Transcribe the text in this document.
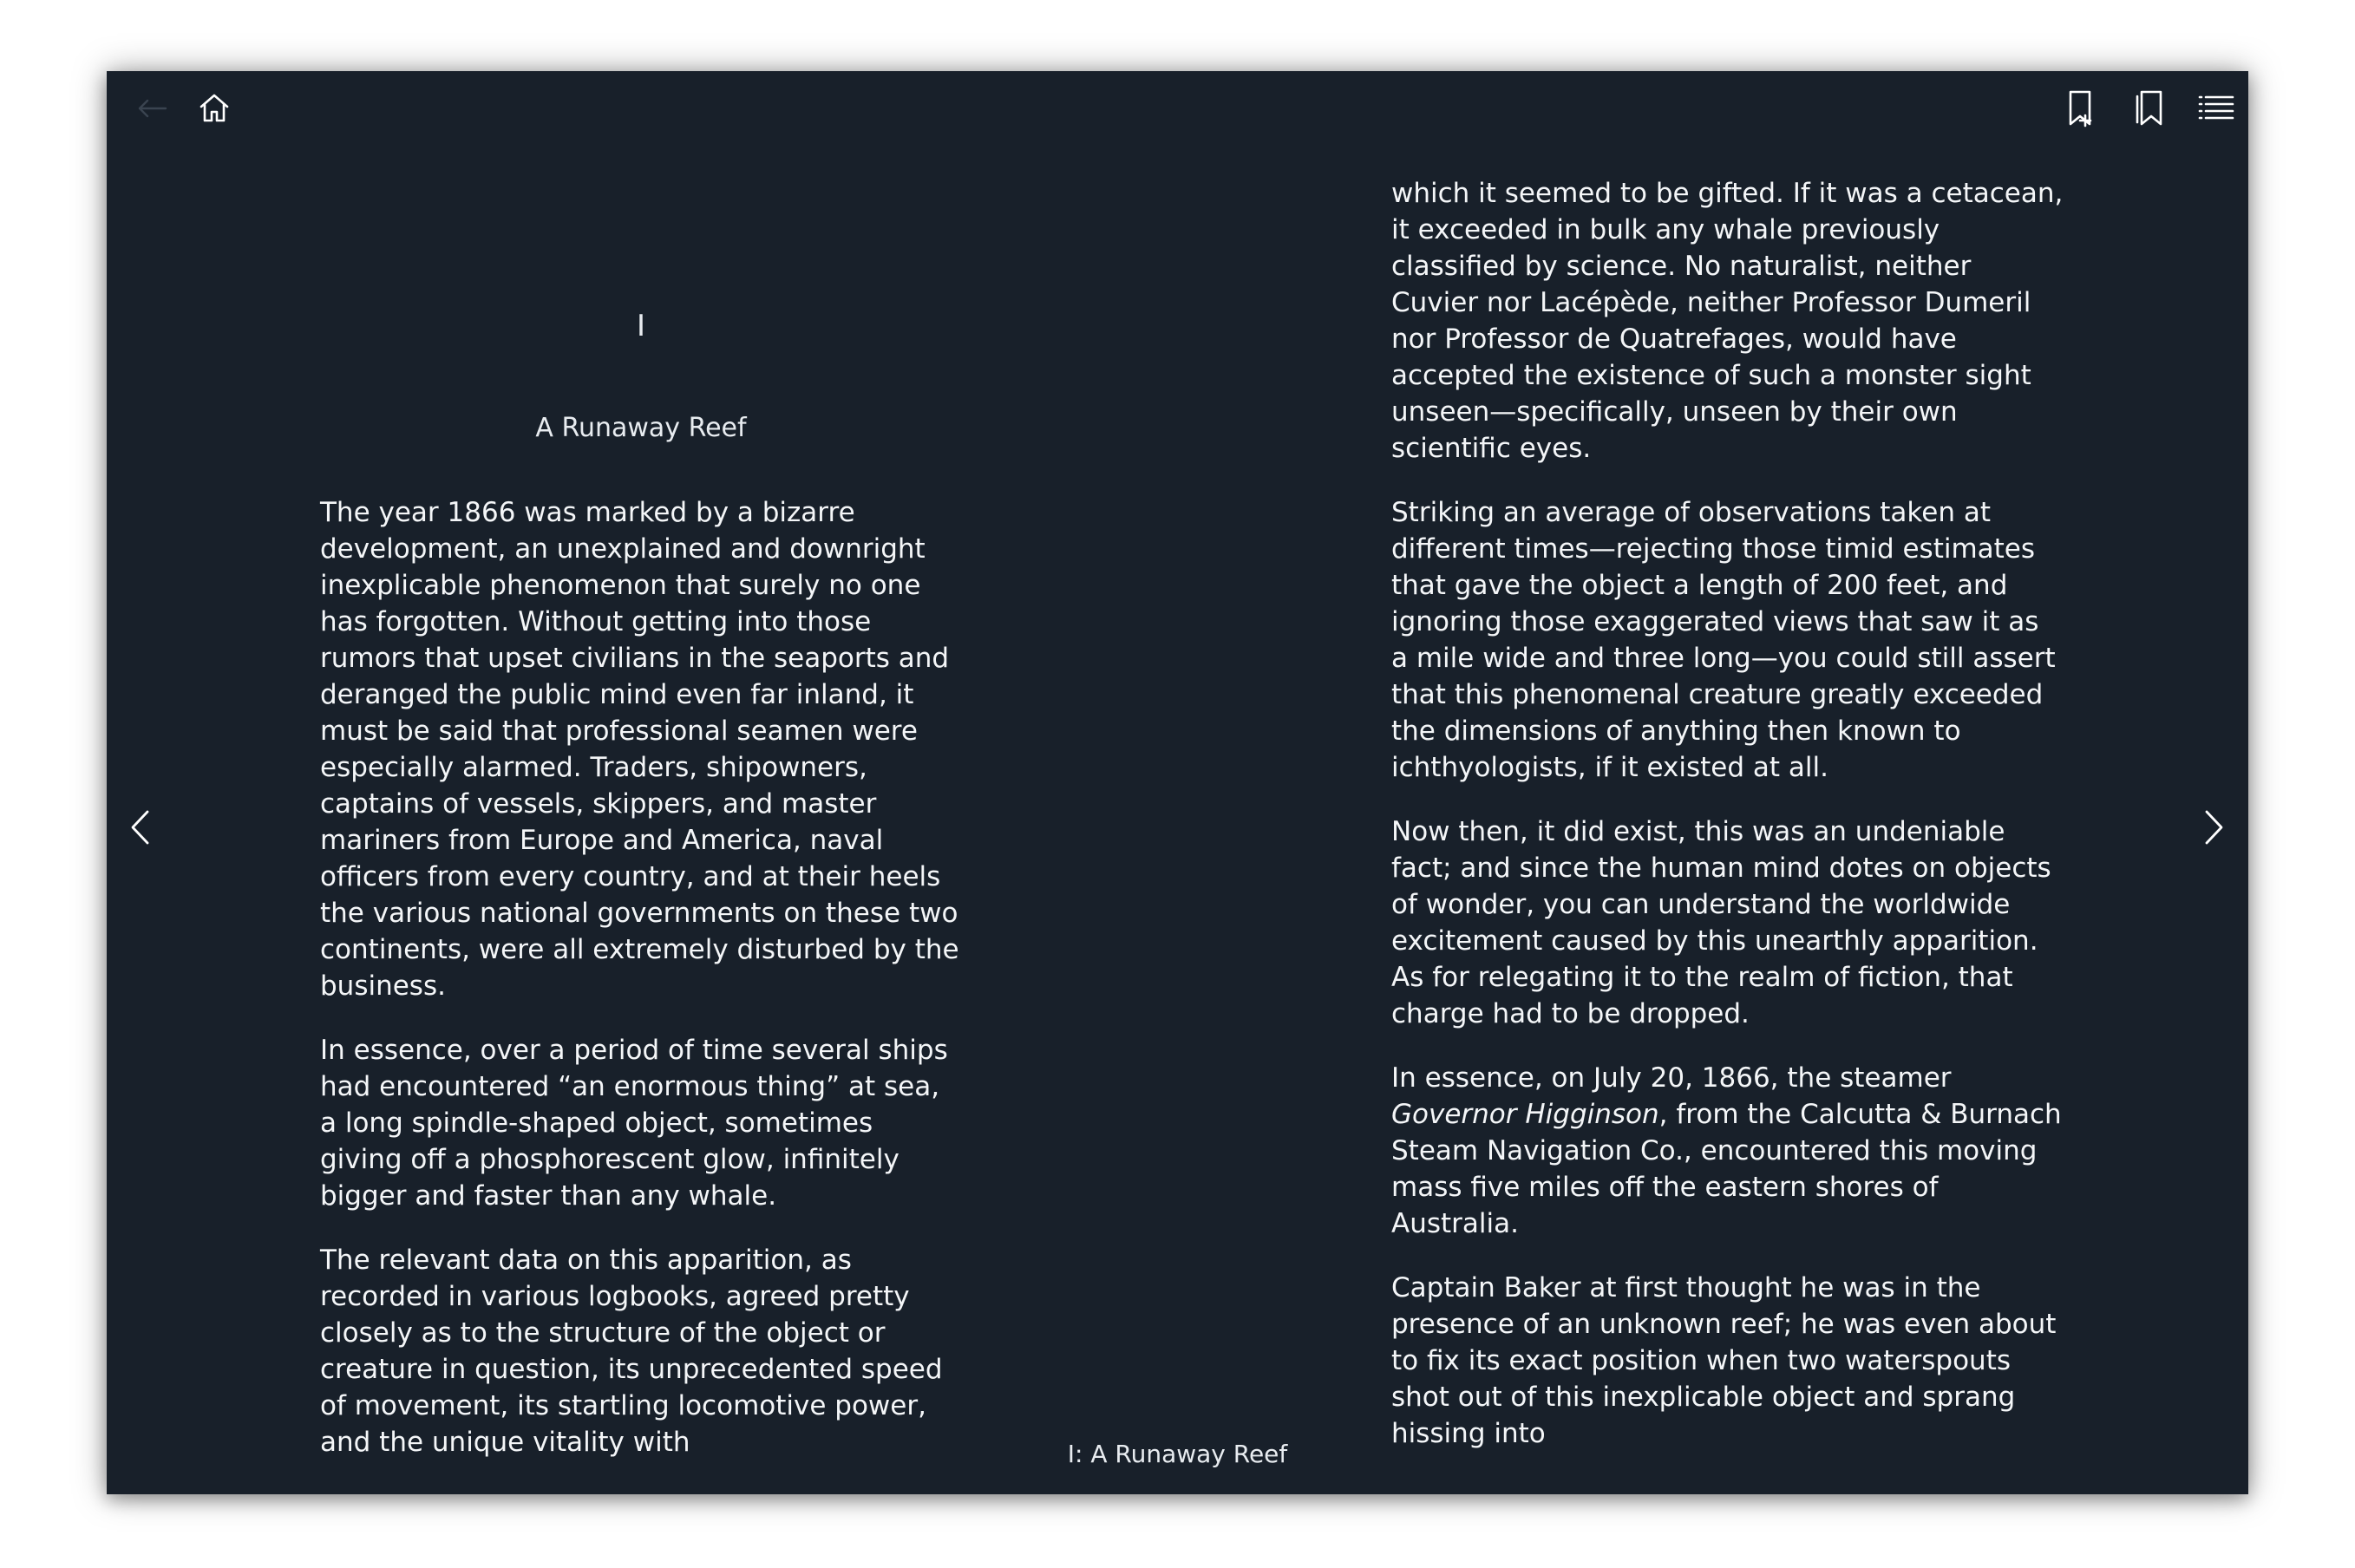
I
A Runaway Reef

The year 1866 was marked by a bizarre development, an unexplained and downright inexplicable phenomenon that surely no one has forgotten. Without getting into those rumors that upset civilians in the seaports and deranged the public mind even far inland, it must be said that professional seamen were especially alarmed. Traders, shipowners, captains of vessels, skippers, and master mariners from Europe and America, naval officers from every country, and at their heels the various national governments on these two continents, were all extremely disturbed by the business.

In essence, over a period of time several ships had encountered “an enormous thing” at sea, a long spindle-shaped object, sometimes giving off a phosphorescent glow, infinitely bigger and faster than any whale.

The relevant data on this apparition, as recorded in various logbooks, agreed pretty closely as to the structure of the object or creature in question, its unprecedented speed of movement, its startling locomotive power, and the unique vitality with

which it seemed to be gifted. If it was a cetacean, it exceeded in bulk any whale previously classified by science. No naturalist, neither Cuvier nor Lacépède, neither Professor Dumeril nor Professor de Quatrefages, would have accepted the existence of such a monster sight unseen—specifically, unseen by their own scientific eyes.

Striking an average of observations taken at different times—rejecting those timid estimates that gave the object a length of 200 feet, and ignoring those exaggerated views that saw it as a mile wide and three long—you could still assert that this phenomenal creature greatly exceeded the dimensions of anything then known to ichthyologists, if it existed at all.

Now then, it did exist, this was an undeniable fact; and since the human mind dotes on objects of wonder, you can understand the worldwide excitement caused by this unearthly apparition. As for relegating it to the realm of fiction, that charge had to be dropped.

In essence, on July 20, 1866, the steamer Governor Higginson, from the Calcutta & Burnach Steam Navigation Co., encountered this moving mass five miles off the eastern shores of Australia.

Captain Baker at first thought he was in the presence of an unknown reef; he was even about to fix its exact position when two waterspouts shot out of this inexplicable object and sprang hissing into

I: A Runaway Reef
